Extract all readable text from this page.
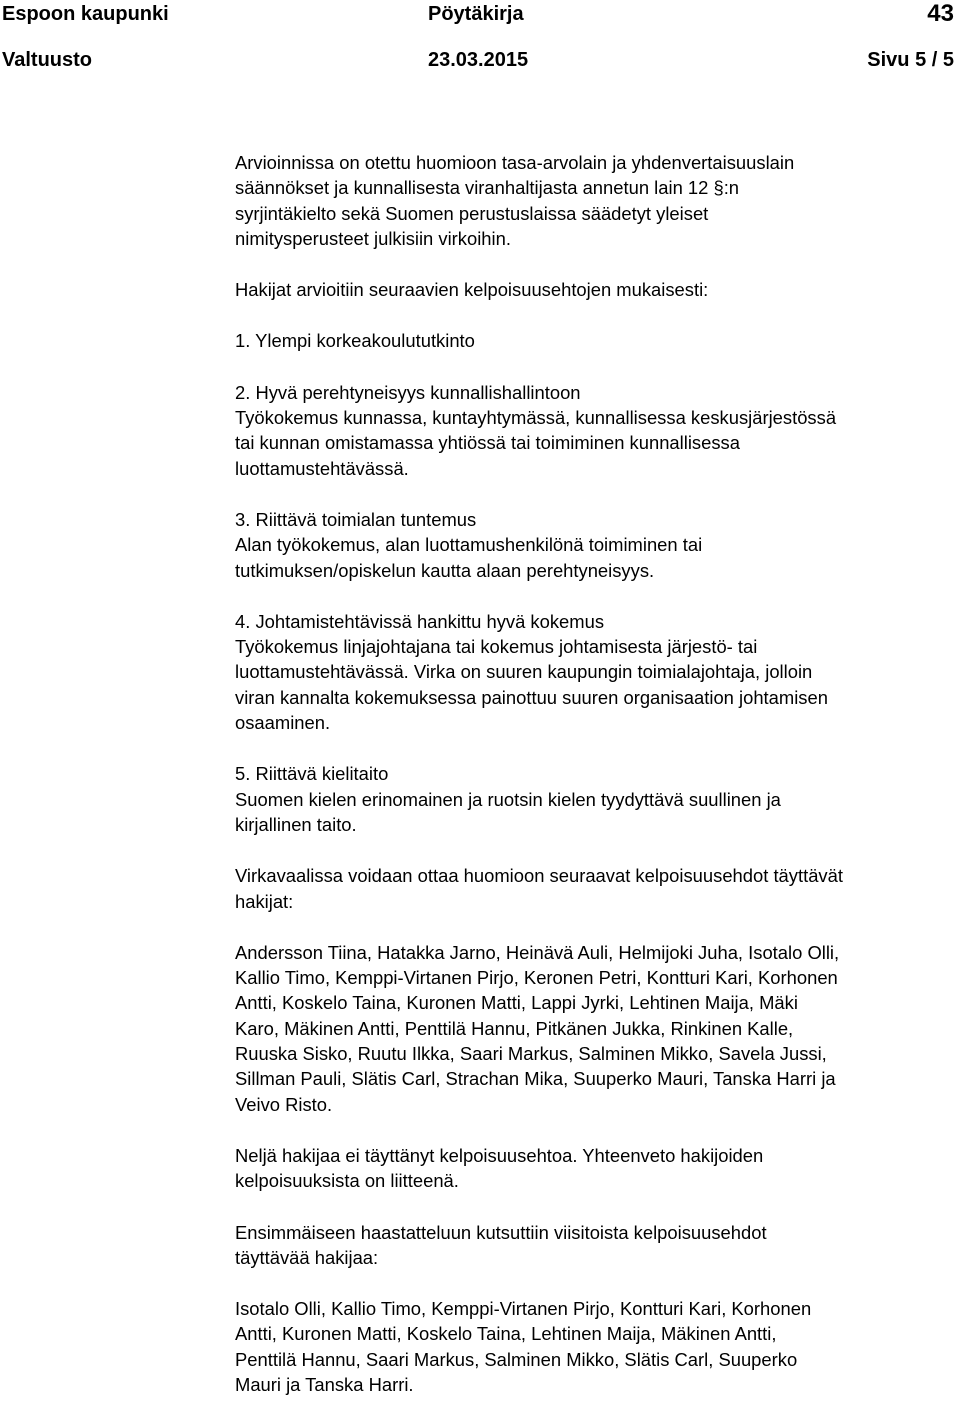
Espoon kaupunki	Pöytäkirja	43
Valtuusto	23.03.2015	Sivu 5 / 5

Arvioinnissa on otettu huomioon tasa-arvolain ja yhdenvertaisuuslain
säännökset ja kunnallisesta viranhaltijasta annetun lain 12 §:n
syrjintäkielto sekä Suomen perustuslaissa säädetyt yleiset
nimitysperusteet julkisiin virkoihin.

Hakijat arvioitiin seuraavien kelpoisuusehtojen mukaisesti:

1. Ylempi korkeakoulututkinto

2. Hyvä perehtyneisyys kunnallishallintoon
Työkokemus kunnassa, kuntayhtymässä, kunnallisessa keskusjärjestössä
tai kunnan omistamassa yhtiössä tai toimiminen kunnallisessa
luottamustehtävässä.

3. Riittävä toimialan tuntemus
Alan työkokemus, alan luottamushenkilönä toimiminen tai
tutkimuksen/opiskelun kautta alaan perehtyneisyys.

4. Johtamistehtävissä hankittu hyvä kokemus
Työkokemus linjajohtajana tai kokemus johtamisesta järjestö- tai
luottamustehtävässä. Virka on suuren kaupungin toimialajohtaja, jolloin
viran kannalta kokemuksessa painottuu suuren organisaation johtamisen
osaaminen.

5. Riittävä kielitaito
Suomen kielen erinomainen ja ruotsin kielen tyydyttävä suullinen ja
kirjallinen taito.

Virkavaalissa voidaan ottaa huomioon seuraavat kelpoisuusehdot täyttävät
hakijat:

Andersson Tiina, Hatakka Jarno, Heinävä Auli, Helmijoki Juha, Isotalo Olli,
Kallio Timo, Kemppi-Virtanen Pirjo, Keronen Petri, Kontturi Kari, Korhonen
Antti, Koskelo Taina, Kuronen Matti, Lappi Jyrki, Lehtinen Maija, Mäki
Karo, Mäkinen Antti, Penttilä Hannu, Pitkänen Jukka, Rinkinen Kalle,
Ruuska Sisko, Ruutu Ilkka, Saari Markus, Salminen Mikko, Savela Jussi,
Sillman Pauli, Slätis Carl, Strachan Mika, Suuperko Mauri, Tanska Harri ja
Veivo Risto.

Neljä hakijaa ei täyttänyt kelpoisuusehtoa. Yhteenveto hakijoiden
kelpoisuuksista on liitteenä.

Ensimmäiseen haastatteluun kutsuttiin viisitoista kelpoisuusehdot
täyttävää hakijaa:

Isotalo Olli, Kallio Timo, Kemppi-Virtanen Pirjo, Kontturi Kari, Korhonen
Antti, Kuronen Matti, Koskelo Taina, Lehtinen Maija, Mäkinen Antti,
Penttilä Hannu, Saari Markus, Salminen Mikko, Slätis Carl, Suuperko
Mauri ja Tanska Harri.
